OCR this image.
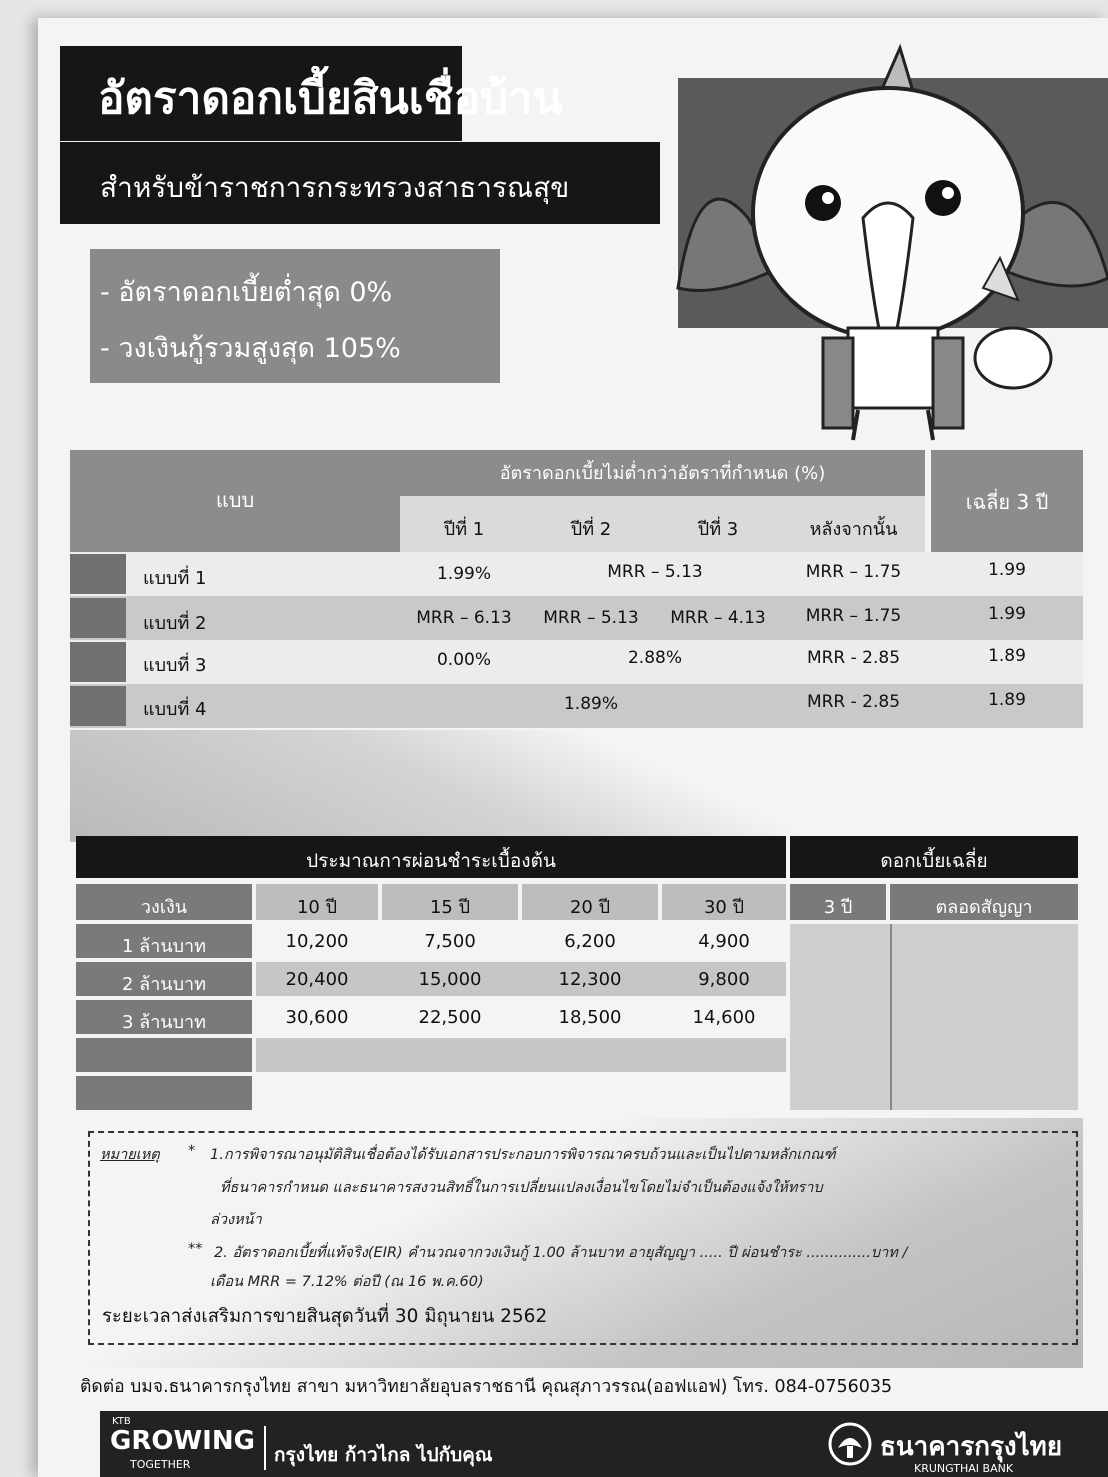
อัตราดอกเบี้ยสินเชื่อบ้าน
สำหรับข้าราชการกระทรวงสาธารณสุข
- อัตราดอกเบี้ยต่ำสุด 0%
- วงเงินกู้รวมสูงสุด 105%
แบบ
อัตราดอกเบี้ยไม่ต่ำกว่าอัตราที่กำหนด (%)
ปีที่ 1	ปีที่ 2	ปีที่ 3	หลังจากนั้น
เฉลี่ย 3 ปี
แบบที่ 1	1.99%	MRR – 5.13	MRR – 1.75	1.99
แบบที่ 2	MRR – 6.13	MRR – 5.13	MRR – 4.13	MRR – 1.75	1.99
แบบที่ 3	0.00%	2.88%	MRR - 2.85	1.89
แบบที่ 4	1.89%	MRR - 2.85	1.89
ประมาณการผ่อนชำระเบื้องต้น	ดอกเบี้ยเฉลี่ย
วงเงิน	10 ปี	15 ปี	20 ปี	30 ปี	3 ปี	ตลอดสัญญา
1 ล้านบาท	10,200	7,500	6,200	4,900
2 ล้านบาท	20,400	15,000	12,300	9,800
3 ล้านบาท	30,600	22,500	18,500	14,600
หมายเหตุ * 1.การพิจารณาอนุมัติสินเชื่อต้องได้รับเอกสารประกอบการพิจารณาครบถ้วนและเป็นไปตามหลักเกณฑ์
ที่ธนาคารกำหนด และธนาคารสงวนสิทธิ์ในการเปลี่ยนแปลงเงื่อนไขโดยไม่จำเป็นต้องแจ้งให้ทราบ
ล่วงหน้า
** 2. อัตราดอกเบี้ยที่แท้จริง(EIR) คำนวณจากวงเงินกู้ 1.00 ล้านบาท อายุสัญญา ..... ปี ผ่อนชำระ ..............บาท /
เดือน MRR = 7.12% ต่อปี (ณ 16 พ.ค.60)
ระยะเวลาส่งเสริมการขายสินสุดวันที่ 30 มิถุนายน 2562
ติดต่อ บมจ.ธนาคารกรุงไทย สาขา มหาวิทยาลัยอุบลราชธานี คุณสุภาวรรณ(ออฟแอฟ) โทร. 084-0756035
KTB
GROWING
TOGETHER	กรุงไทย ก้าวไกล ไปกับคุณ	ธนาคารกรุงไทย
KRUNGTHAI BANK
